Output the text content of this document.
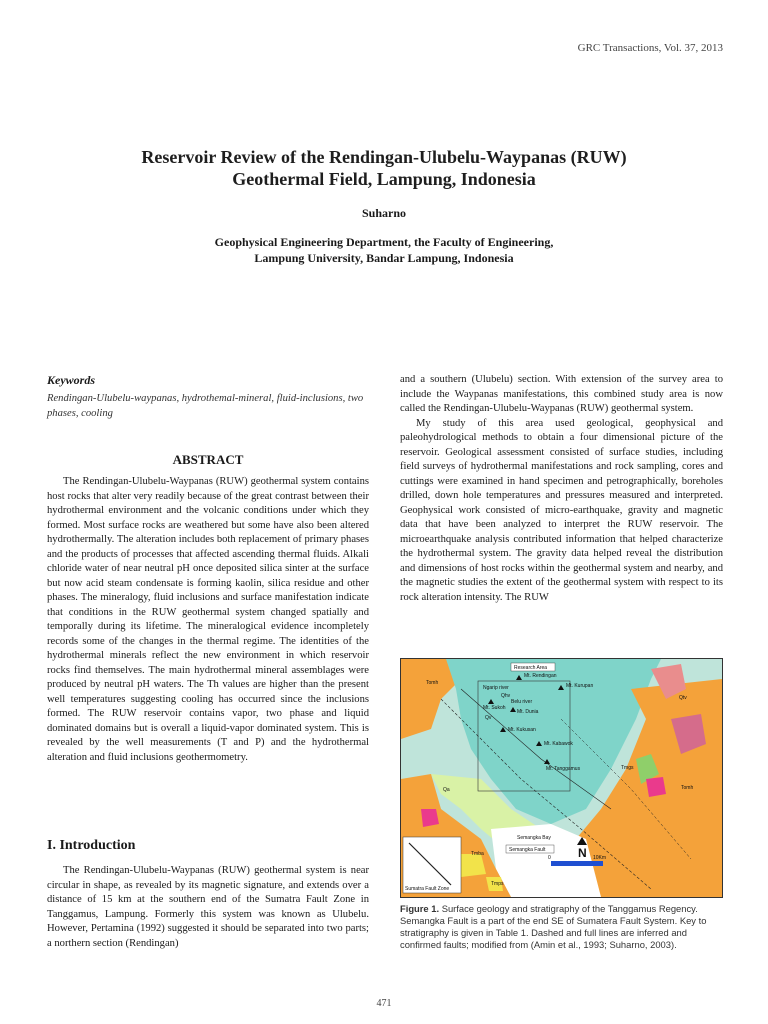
GRC Transactions, Vol. 37, 2013
Reservoir Review of the Rendingan-Ulubelu-Waypanas (RUW)
Geothermal Field, Lampung, Indonesia
Suharno
Geophysical Engineering Department, the Faculty of Engineering,
Lampung University, Bandar Lampung, Indonesia
Keywords
Rendingan-Ulubelu-waypanas, hydrothemal-mineral, fluid-inclusions, two phases, cooling
ABSTRACT

The Rendingan-Ulubelu-Waypanas (RUW) geothermal system contains host rocks that alter very readily because of the great contrast between their hydrothermal environment and the volcanic conditions under which they formed. Most surface rocks are weathered but some have also been altered hydrothermally. The alteration includes both replacement of primary phases and the products of processes that affected ascending thermal fluids. Alkali chloride water of near neutral pH once deposited silica sinter at the surface but now acid steam condensate is forming kaolin, silica residue and other phases. The mineralogy, fluid inclusions and surface manifestation indicate that conditions in the RUW geothermal system changed spatially and temporally during its lifetime. The mineralogical evidence incompletely records some of the changes in the thermal regime. The identities of the hydrothermal minerals reflect the new environment in which reservoir rocks find themselves. The main hydrothermal mineral assemblages were produced by neutral pH waters. The Th values are higher than the present well temperatures suggesting cooling has occurred since the inclusions formed. The RUW reservoir contains vapor, two phase and liquid dominated domains but is overall a liquid-vapor dominated system. This is revealed by the well measurements (T and P) and the hydrothermal alteration and fluid inclusions geothermometry.

I. Introduction

The Rendingan-Ulubelu-Waypanas (RUW) geothermal system is near circular in shape, as revealed by its magnetic signature, and extends over a distance of 15 km at the southern end of the Sumatra Fault Zone in Tanggamus, Lampung. Formerly this system was known as Ulubelu. However, Pertamina (1992) suggested it should be separated into two parts; a northern section (Rendingan)

and a southern (Ulubelu) section. With extension of the survey area to include the Waypanas manifestations, this combined study area is now called the Rendingan-Ulubelu-Waypanas (RUW) geothermal system.

My study of this area used geological, geophysical and paleohydrological methods to obtain a four dimensional picture of the reservoir. Geological assessment consisted of surface studies, including field surveys of hydrothermal manifestations and rock sampling, cores and cuttings were examined in hand specimen and petrographically, boreholes drilled, down hole temperatures and pressures measured and interpreted. Geophysical work consisted of micro-earthquake, gravity and magnetic data that have been analyzed to interpret the RUW reservoir. The microearthquake analysis contributed information that helped characterize the hydrothermal system. The gravity data helped reveal the distribution and dimensions of host rocks within the geothermal system and nearby, and the magnetic studies the extent of the geothermal system with respect to its rock alteration intensity. The RUW

Research Area
Mt. Rendingan
Mt. Kurupan
Ngarip river
Mt. Sukoh
Qhv
Belu river
Qv
Mt. Dunia
Mt. Kukusan
Mt. Kabawok
Mt. Tanggamus
Qa
Semangka Bay
Tomh
Tomh
Tmba
Tmgs
Qtv
Tmps
Semangka Fault
Sumatra Fault Zone
N
0	10Km
Figure 1. Surface geology and stratigraphy of the Tanggamus Regency. Semangka Fault is a part of the end SE of Sumatera Fault System. Key to stratigraphy is given in Table 1. Dashed and full lines are inferred and confirmed faults; modified from (Amin et al., 1993; Suharno, 2003).
471
